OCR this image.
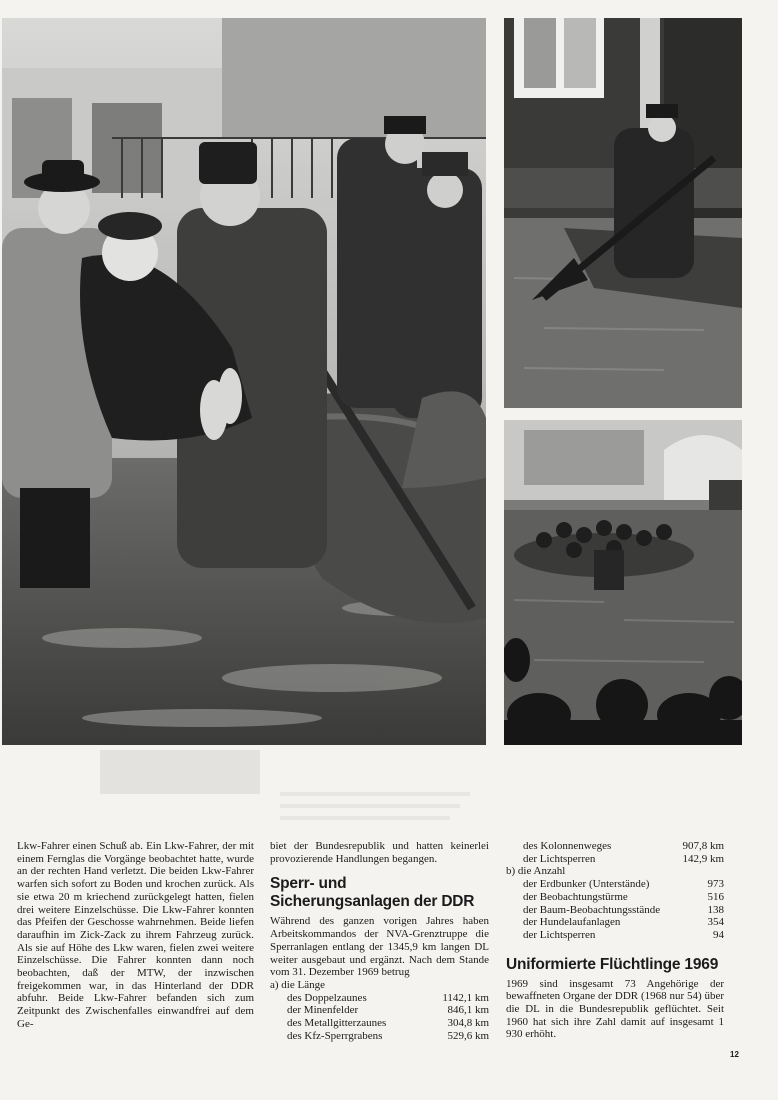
Lkw-Fahrer einen Schuß ab. Ein Lkw-Fahrer, der mit einem Fernglas die Vorgänge beobachtet hatte, wurde an der rechten Hand verletzt. Die beiden Lkw-Fahrer warfen sich sofort zu Boden und krochen zurück. Als sie etwa 20 m kriechend zurückgelegt hatten, fielen drei weitere Einzelschüsse. Die Lkw-Fahrer konnten das Pfeifen der Geschosse wahrnehmen. Beide liefen daraufhin im Zick-Zack zu ihrem Fahrzeug zurück. Als sie auf Höhe des Lkw waren, fielen zwei weitere Einzelschüsse. Die Fahrer konnten dann noch beobachten, daß der MTW, der inzwischen freigekommen war, in das Hinterland der DDR abfuhr. Beide Lkw-Fahrer befanden sich zum Zeitpunkt des Zwischenfalles einwandfrei auf dem Ge-

biet der Bundesrepublik und hatten keinerlei provozierende Handlungen begangen.

Sperr- und Sicherungsanlagen der DDR

Während des ganzen vorigen Jahres haben Arbeitskommandos der NVA-Grenztruppe die Sperranlagen entlang der 1345,9 km langen DL weiter ausgebaut und ergänzt. Nach dem Stande vom 31. Dezember 1969 betrug

a) die Länge

des Doppelzaunes	1142,1 km
der Minenfelder	846,1 km
des Metallgitterzaunes	304,8 km
des Kfz-Sperrgrabens	529,6 km
des Kolonnenweges	907,8 km
der Lichtsperren	142,9 km

b) die Anzahl

der Erdbunker (Unterstände)	973
der Beobachtungstürme	516
der Baum-Beobachtungsstände	138
der Hundelaufanlagen	354
der Lichtsperren	94
Uniformierte Flüchtlinge 1969

1969 sind insgesamt 73 Angehörige der bewaffneten Organe der DDR (1968 nur 54) über die DL in die Bundesrepublik geflüchtet. Seit 1960 hat sich ihre Zahl damit auf insgesamt 1 930 erhöht.

12
